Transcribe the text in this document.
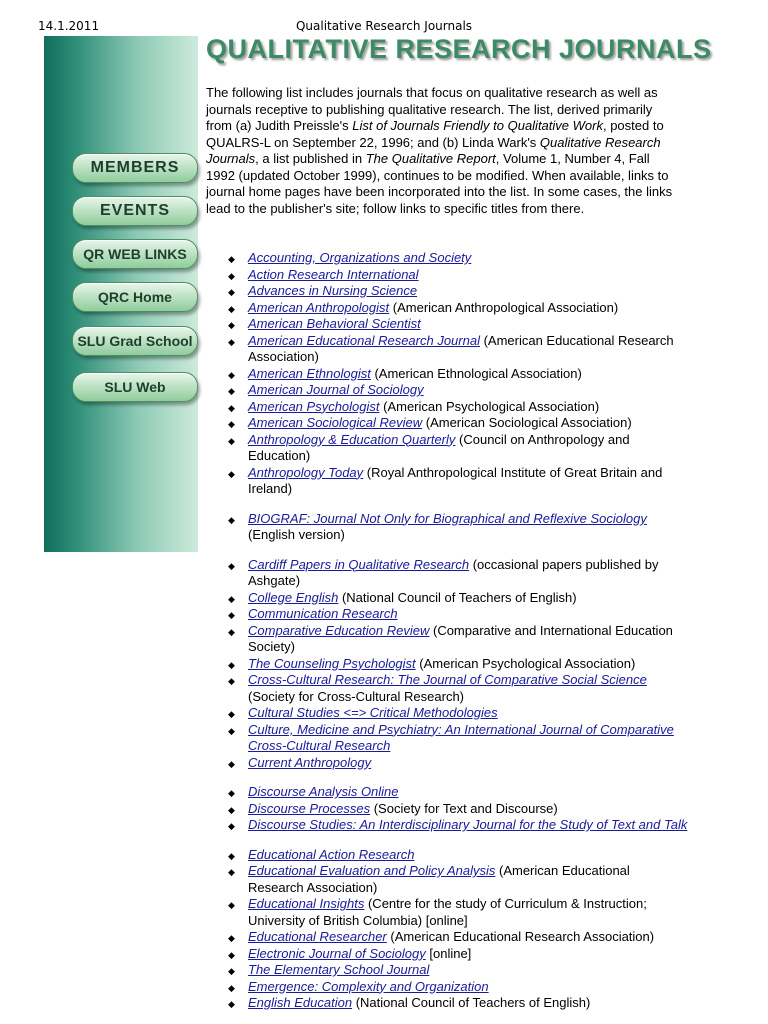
14.1.2011	Qualitative Research Journals
MEMBERS
EVENTS
QR WEB LINKS
QRC Home
SLU Grad School
SLU Web
QUALITATIVE RESEARCH JOURNALS
The following list includes journals that focus on qualitative research as well as journals receptive to publishing qualitative research. The list, derived primarily from (a) Judith Preissle's List of Journals Friendly to Qualitative Work, posted to QUALRS-L on September 22, 1996; and (b) Linda Wark's Qualitative Research Journals, a list published in The Qualitative Report, Volume 1, Number 4, Fall 1992 (updated October 1999), continues to be modified. When available, links to journal home pages have been incorporated into the list. In some cases, the links lead to the publisher's site; follow links to specific titles from there.
◆ Accounting, Organizations and Society
◆ Action Research International
◆ Advances in Nursing Science
◆ American Anthropologist (American Anthropological Association)
◆ American Behavioral Scientist
◆ American Educational Research Journal (American Educational Research Association)
◆ American Ethnologist (American Ethnological Association)
◆ American Journal of Sociology
◆ American Psychologist (American Psychological Association)
◆ American Sociological Review (American Sociological Association)
◆ Anthropology & Education Quarterly (Council on Anthropology and Education)
◆ Anthropology Today (Royal Anthropological Institute of Great Britain and Ireland)
◆ BIOGRAF: Journal Not Only for Biographical and Reflexive Sociology (English version)
◆ Cardiff Papers in Qualitative Research (occasional papers published by Ashgate)
◆ College English (National Council of Teachers of English)
◆ Communication Research
◆ Comparative Education Review (Comparative and International Education Society)
◆ The Counseling Psychologist (American Psychological Association)
◆ Cross-Cultural Research: The Journal of Comparative Social Science (Society for Cross-Cultural Research)
◆ Cultural Studies <=> Critical Methodologies
◆ Culture, Medicine and Psychiatry: An International Journal of Comparative Cross-Cultural Research
◆ Current Anthropology
◆ Discourse Analysis Online
◆ Discourse Processes (Society for Text and Discourse)
◆ Discourse Studies: An Interdisciplinary Journal for the Study of Text and Talk
◆ Educational Action Research
◆ Educational Evaluation and Policy Analysis (American Educational Research Association)
◆ Educational Insights (Centre for the study of Curriculum & Instruction; University of British Columbia) [online]
◆ Educational Researcher (American Educational Research Association)
◆ Electronic Journal of Sociology [online]
◆ The Elementary School Journal
◆ Emergence: Complexity and Organization
◆ English Education (National Council of Teachers of English)
